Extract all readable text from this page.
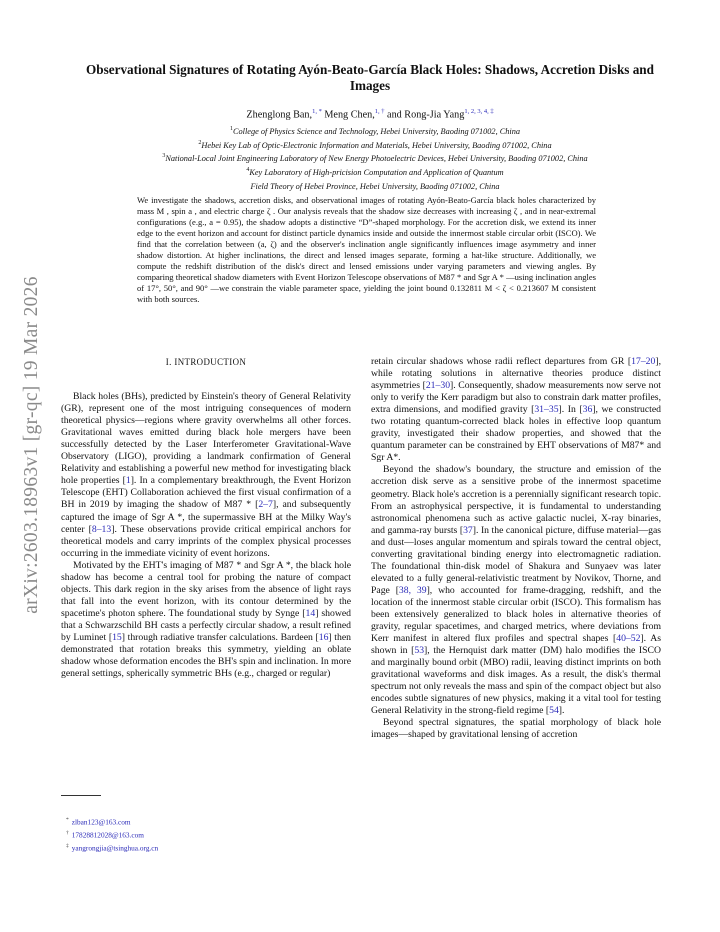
arXiv:2603.18963v1 [gr-qc] 19 Mar 2026
Observational Signatures of Rotating Ayón-Beato-García Black Holes: Shadows, Accretion Disks and Images
Zhenglong Ban,$^{1, *}$ Meng Chen,$^{1, \dagger}$ and Rong-Jia Yang$^{1, 2, 3, 4, \ddagger}$
$^1$College of Physics Science and Technology, Hebei University, Baoding 071002, China
$^2$Hebei Key Lab of Optic-Electronic Information and Materials, Hebei University, Baoding 071002, China
$^3$National-Local Joint Engineering Laboratory of New Energy Photoelectric Devices, Hebei University, Baoding 071002, China
$^4$Key Laboratory of High-pricision Computation and Application of Quantum
Field Theory of Hebei Province, Hebei University, Baoding 071002, China
We investigate the shadows, accretion disks, and observational images of rotating Ayón-Beato-García black holes characterized by mass M , spin a , and electric charge ζ . Our analysis reveals that the shadow size decreases with increasing ζ , and in near-extremal configurations (e.g., a = 0.95), the shadow adopts a distinctive “D”-shaped morphology. For the accretion disk, we extend its inner edge to the event horizon and account for distinct particle dynamics inside and outside the innermost stable circular orbit (ISCO). We find that the correlation between (a, ζ) and the observer's inclination angle significantly influences image asymmetry and inner shadow distortion. At higher inclinations, the direct and lensed images separate, forming a hat-like structure. Additionally, we compute the redshift distribution of the disk's direct and lensed emissions under varying parameters and viewing angles. By comparing theoretical shadow diameters with Event Horizon Telescope observations of M87 * and Sgr A * —using inclination angles of 17°, 50°, and 90° —we constrain the viable parameter space, yielding the joint bound 0.132811 M < ζ < 0.213607 M consistent with both sources.
I. INTRODUCTION

Black holes (BHs), predicted by Einstein's theory of General Relativity (GR), represent one of the most intriguing consequences of modern theoretical physics—regions where gravity overwhelms all other forces. Gravitational waves emitted during black hole mergers have been successfully detected by the Laser Interferometer Gravitational-Wave Observatory (LIGO), providing a landmark confirmation of General Relativity and establishing a powerful new method for investigating black hole properties [1]. In a complementary breakthrough, the Event Horizon Telescope (EHT) Collaboration achieved the first visual confirmation of a BH in 2019 by imaging the shadow of M87 * [2–7], and subsequently captured the image of Sgr A *, the supermassive BH at the Milky Way's center [8–13]. These observations provide critical empirical anchors for theoretical models and carry imprints of the complex physical processes occurring in the immediate vicinity of event horizons.

Motivated by the EHT's imaging of M87 * and Sgr A *, the black hole shadow has become a central tool for probing the nature of compact objects. This dark region in the sky arises from the absence of light rays that fall into the event horizon, with its contour determined by the spacetime's photon sphere. The foundational study by Synge [14] showed that a Schwarzschild BH casts a perfectly circular shadow, a result refined by Luminet [15] through radiative transfer calculations. Bardeen [16] then demonstrated that rotation breaks this symmetry, yielding an oblate shadow whose deformation encodes the BH's spin and inclination. In more general settings, spherically symmetric BHs (e.g., charged or regular)

retain circular shadows whose radii reflect departures from GR [17–20], while rotating solutions in alternative theories produce distinct asymmetries [21–30]. Consequently, shadow measurements now serve not only to verify the Kerr paradigm but also to constrain dark matter profiles, extra dimensions, and modified gravity [31–35]. In [36], we constructed two rotating quantum-corrected black holes in effective loop quantum gravity, investigated their shadow properties, and showed that the quantum parameter can be constrained by EHT observations of M87* and Sgr A*.

Beyond the shadow's boundary, the structure and emission of the accretion disk serve as a sensitive probe of the innermost spacetime geometry. Black hole's accretion is a perennially significant research topic. From an astrophysical perspective, it is fundamental to understanding astronomical phenomena such as active galactic nuclei, X-ray binaries, and gamma-ray bursts [37]. In the canonical picture, diffuse material—gas and dust—loses angular momentum and spirals toward the central object, converting gravitational binding energy into electromagnetic radiation. The foundational thin-disk model of Shakura and Sunyaev was later elevated to a fully general-relativistic treatment by Novikov, Thorne, and Page [38, 39], who accounted for frame-dragging, redshift, and the location of the innermost stable circular orbit (ISCO). This formalism has been extensively generalized to black holes in alternative theories of gravity, regular spacetimes, and charged metrics, where deviations from Kerr manifest in altered flux profiles and spectral shapes [40–52]. As shown in [53], the Hernquist dark matter (DM) halo modifies the ISCO and marginally bound orbit (MBO) radii, leaving distinct imprints on both gravitational waveforms and disk images. As a result, the disk's thermal spectrum not only reveals the mass and spin of the compact object but also encodes subtle signatures of new physics, making it a vital tool for testing General Relativity in the strong-field regime [54].

Beyond spectral signatures, the spatial morphology of black hole images—shaped by gravitational lensing of accretion

* zlban123@163.com
† 17828812028@163.com
‡ yangrongjia@tsinghua.org.cn
